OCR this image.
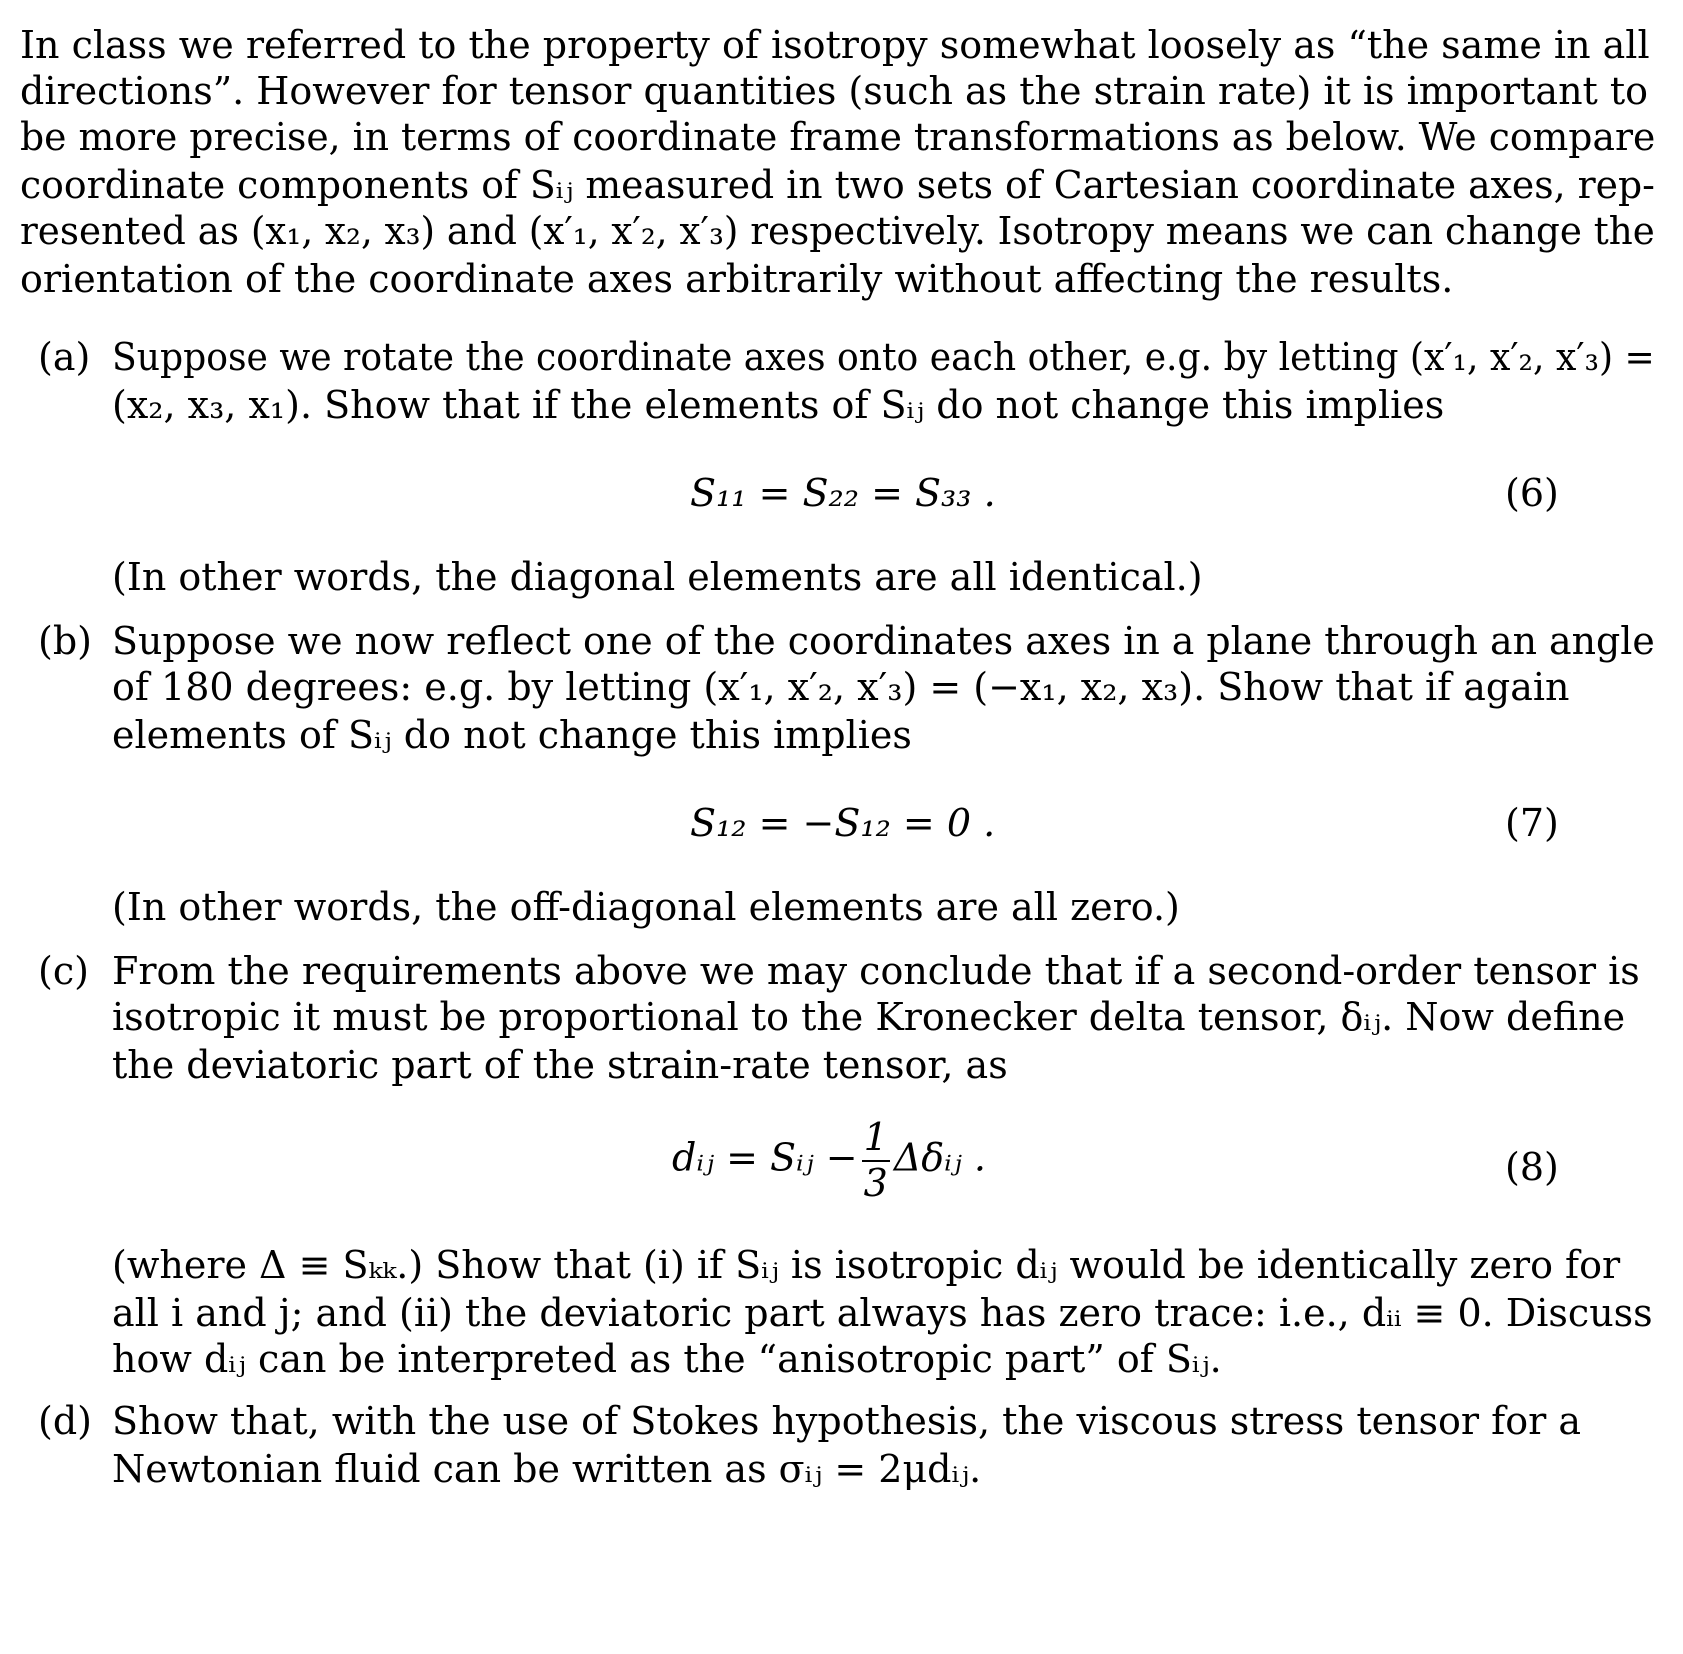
In class we referred to the property of isotropy somewhat loosely as “the same in all
directions”. However for tensor quantities (such as the strain rate) it is important to
be more precise, in terms of coordinate frame transformations as below. We compare
coordinate components of Sᵢⱼ measured in two sets of Cartesian coordinate axes, rep-
resented as (x₁, x₂, x₃) and (x′₁, x′₂, x′₃) respectively. Isotropy means we can change the
orientation of the coordinate axes arbitrarily without affecting the results.
(a) Suppose we rotate the coordinate axes onto each other, e.g. by letting (x′₁, x′₂, x′₃) =
(x₂, x₃, x₁). Show that if the elements of Sᵢⱼ do not change this implies
S₁₁ = S₂₂ = S₃₃ .	(6)
(In other words, the diagonal elements are all identical.)
(b) Suppose we now reflect one of the coordinates axes in a plane through an angle
of 180 degrees: e.g. by letting (x′₁, x′₂, x′₃) = (−x₁, x₂, x₃). Show that if again
elements of Sᵢⱼ do not change this implies
S₁₂ = −S₁₂ = 0 .	(7)
(In other words, the off-diagonal elements are all zero.)
(c) From the requirements above we may conclude that if a second-order tensor is
isotropic it must be proportional to the Kronecker delta tensor, δᵢⱼ. Now define
the deviatoric part of the strain-rate tensor, as
dᵢⱼ = Sᵢⱼ − $\frac{1}{3}$ Δδᵢⱼ .	(8)
(where Δ ≡ Sₖₖ.) Show that (i) if Sᵢⱼ is isotropic dᵢⱼ would be identically zero for
all i and j; and (ii) the deviatoric part always has zero trace: i.e., dᵢᵢ ≡ 0. Discuss
how dᵢⱼ can be interpreted as the “anisotropic part” of Sᵢⱼ.
(d) Show that, with the use of Stokes hypothesis, the viscous stress tensor for a
Newtonian fluid can be written as σᵢⱼ = 2μdᵢⱼ.
